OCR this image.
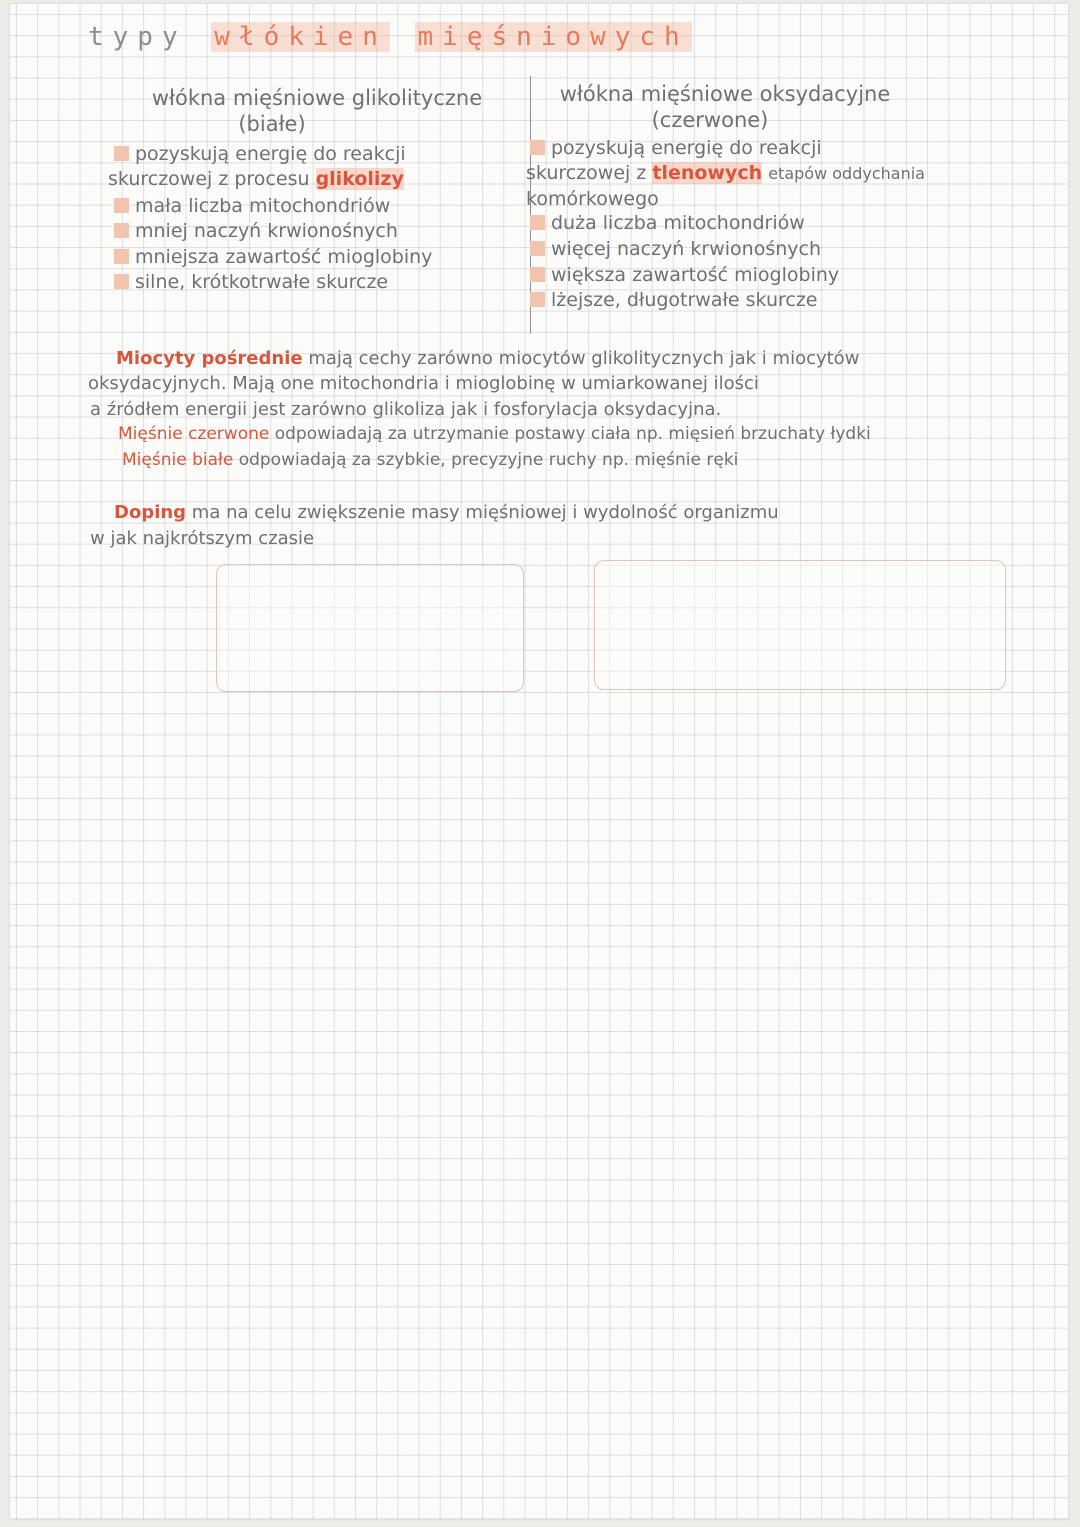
typy włókien mięśniowych
włókna mięśniowe glikolityczne
(białe)
pozyskują energię do reakcji
skurczowej z procesu glikolizy
mała liczba mitochondriów
mniej naczyń krwionośnych
mniejsza zawartość mioglobiny
silne, krótkotrwałe skurcze
włókna mięśniowe oksydacyjne
(czerwone)
pozyskują energię do reakcji
skurczowej z tlenowych etapów oddychania
komórkowego
duża liczba mitochondriów
więcej naczyń krwionośnych
większa zawartość mioglobiny
lżejsze, długotrwałe skurcze
Miocyty pośrednie mają cechy zarówno miocytów glikolitycznych jak i miocytów
oksydacyjnych. Mają one mitochondria i mioglobinę w umiarkowanej ilości
a źródłem energii jest zarówno glikoliza jak i fosforylacja oksydacyjna.
Mięśnie czerwone odpowiadają za utrzymanie postawy ciała np. mięsień brzuchaty łydki
Mięśnie białe odpowiadają za szybkie, precyzyjne ruchy np. mięśnie ręki
Doping ma na celu zwiększenie masy mięśniowej i wydolność organizmu
w jak najkrótszym czasie
